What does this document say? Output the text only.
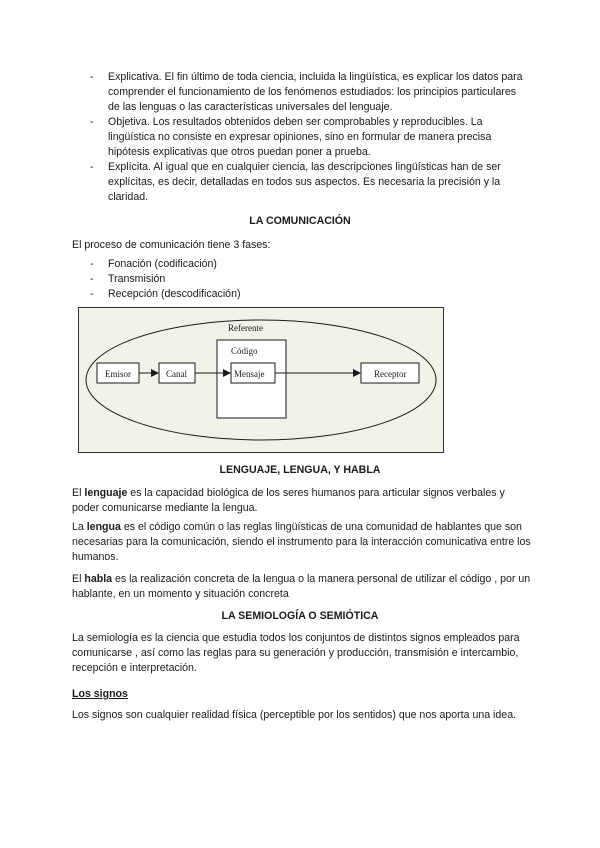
- Explicativa. El fin último de toda ciencia, incluida la lingüística, es explicar los datos para comprender el funcionamiento de los fenómenos estudiados: los principios particulares de las lenguas o las características universales del lenguaje.
- Objetiva. Los resultados obtenidos deben ser comprobables y reproducibles. La lingüística no consiste en expresar opiniones, sino en formular de manera precisa hipótesis explicativas que otros puedan poner a prueba.
- Explícita. Al igual que en cualquier ciencia, las descripciones lingüísticas han de ser explícitas, es decir, detalladas en todos sus aspectos. Es necesaria la precisión y la claridad.
LA COMUNICACIÓN

El proceso de comunicación tiene 3 fases:

- Fonación (codificación)
- Transmisión
- Recepción (descodificación)
Referente
Código
Emisor	Canal	Mensaje	Receptor
LENGUAJE, LENGUA, Y HABLA

El lenguaje es la capacidad biológica de los seres humanos para articular signos verbales y poder comunicarse mediante la lengua.

La lengua es el código común o las reglas lingüísticas de una comunidad de hablantes que son necesarias para la comunicación, siendo el instrumento para la interacción comunicativa entre los humanos.

El habla es la realización concreta de la lengua o la manera personal de utilizar el código , por un hablante, en un momento y situación concreta

LA SEMIOLOGÍA O SEMIÓTICA

La semiología es la ciencia que estudia todos los conjuntos de distintos signos empleados para comunicarse , así como las reglas para su generación y producción, transmisión e intercambio, recepción e interpretación.

Los signos

Los signos son cualquier realidad física (perceptible por los sentidos) que nos aporta una idea.
